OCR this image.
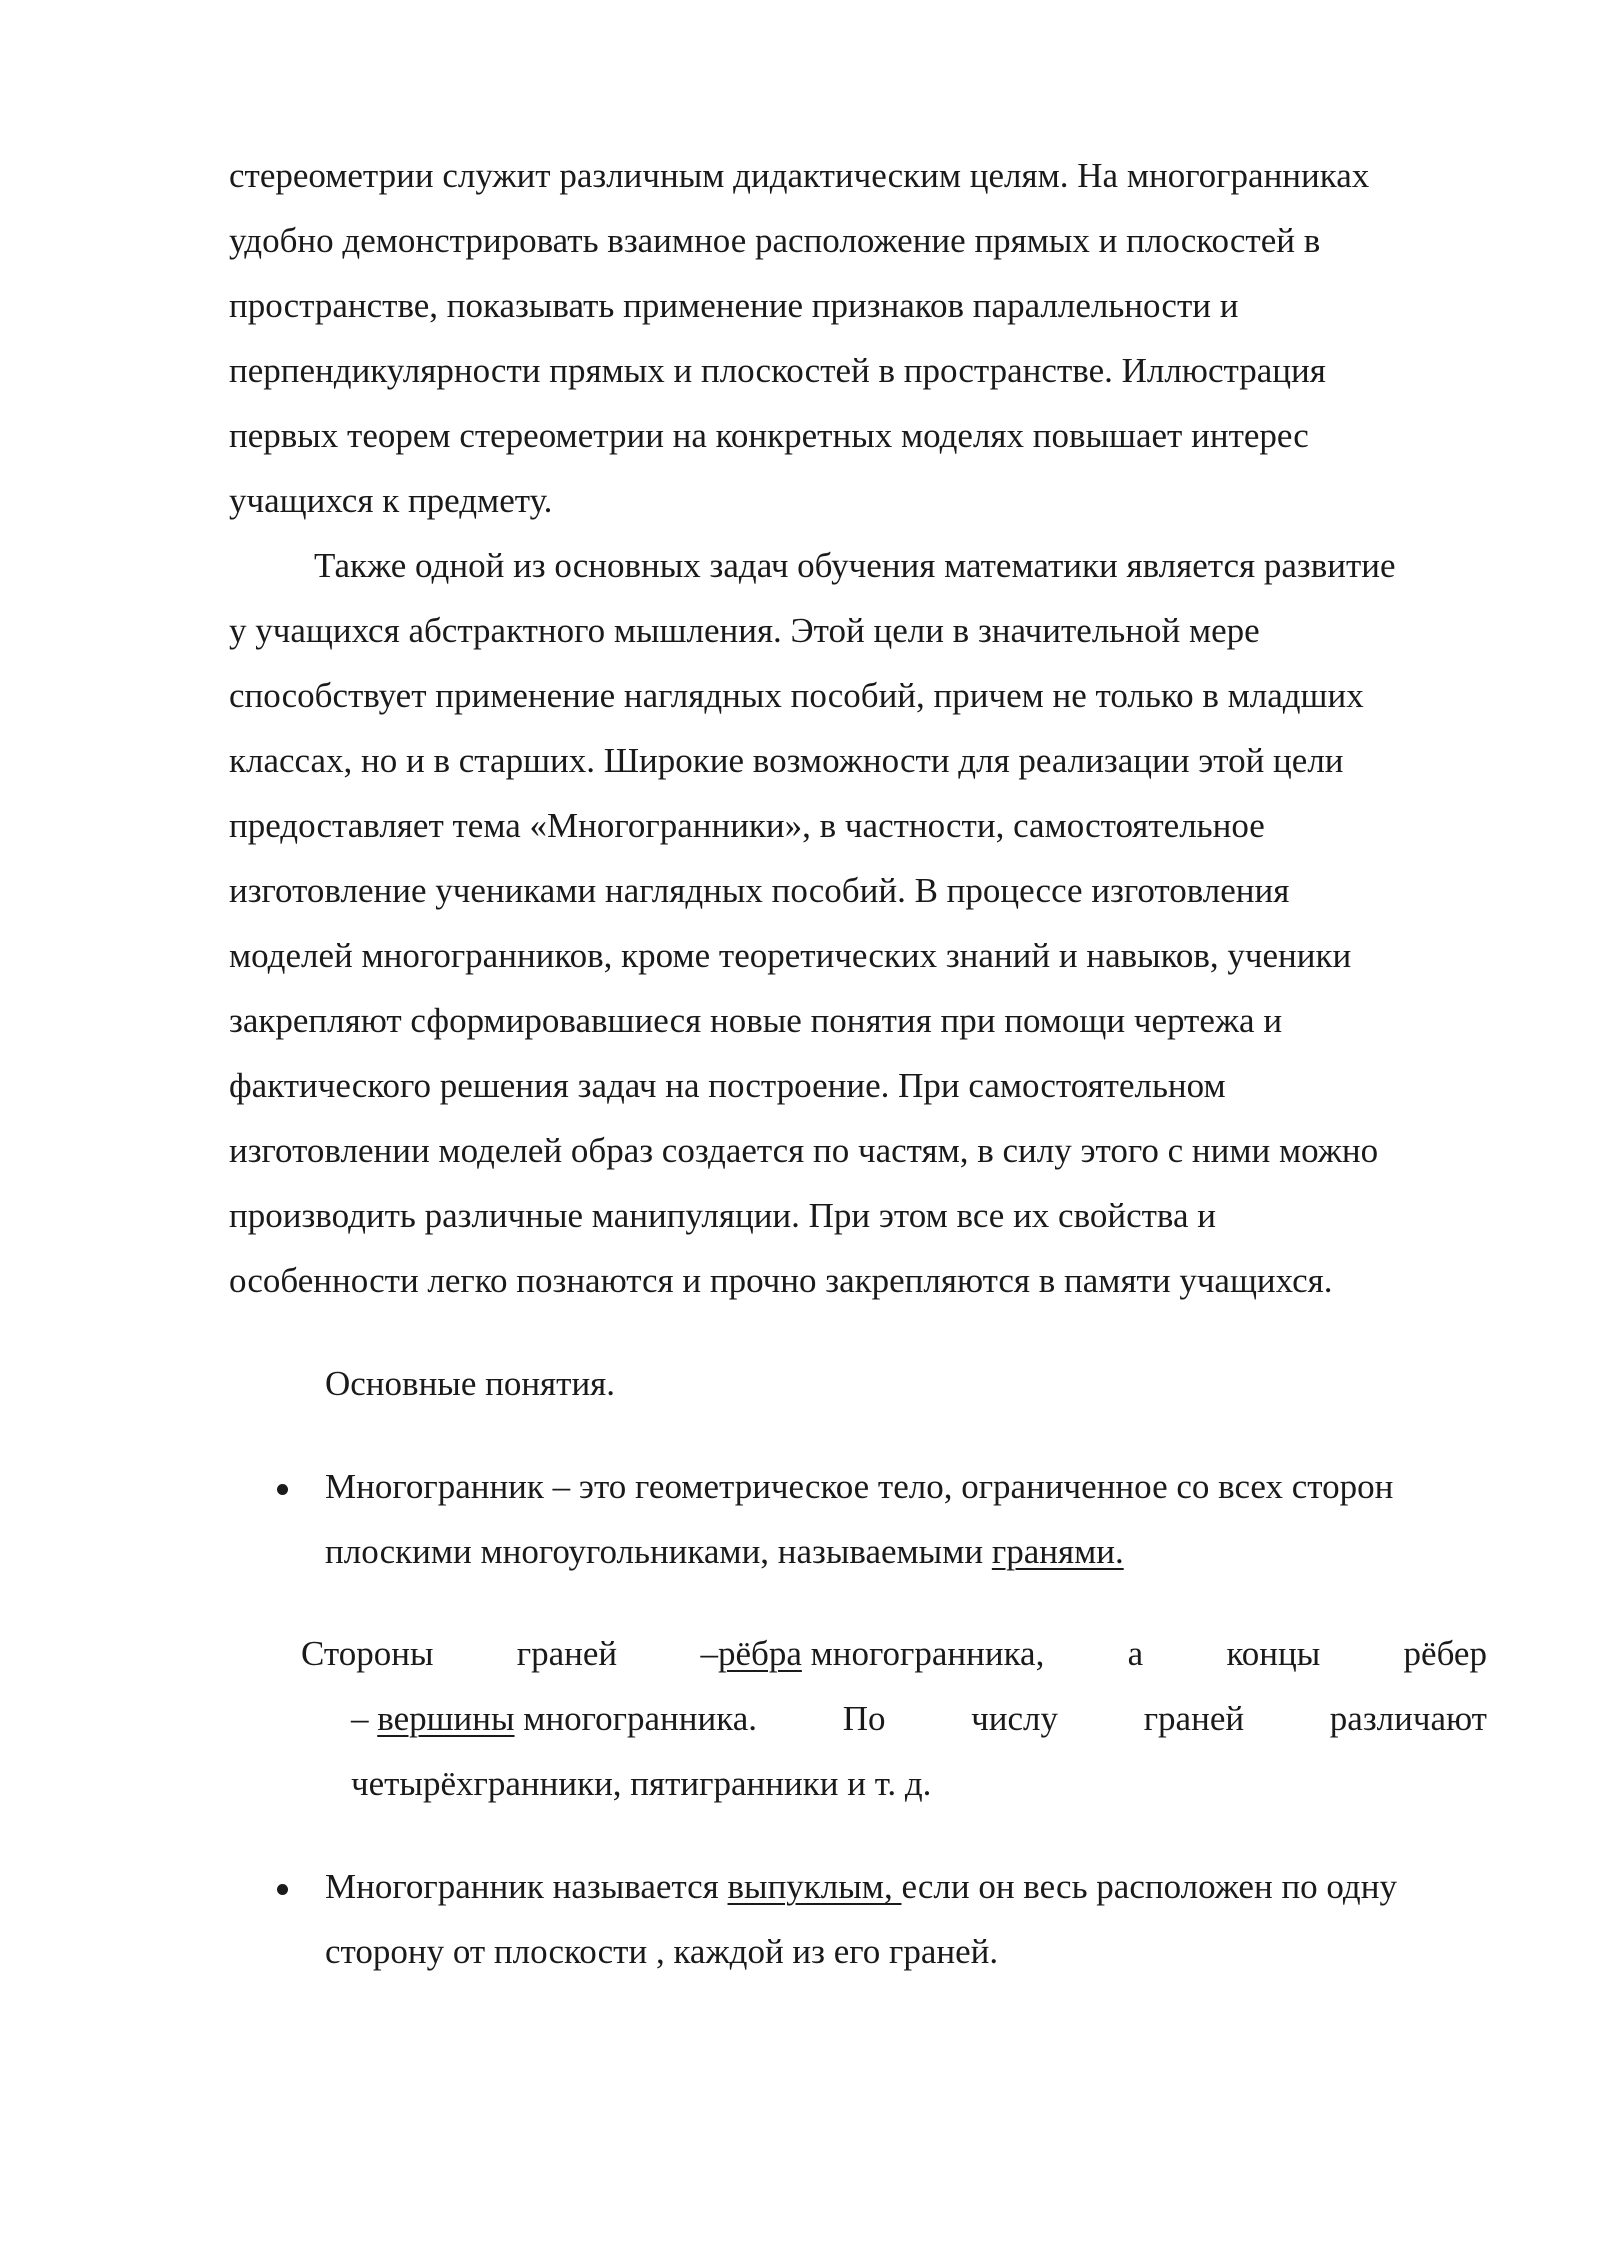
стереометрии служит различным дидактическим целям. На многогранниках
удобно демонстрировать взаимное расположение прямых и плоскостей в
пространстве, показывать применение признаков параллельности и
перпендикулярности прямых и плоскостей в пространстве. Иллюстрация
первых теорем стереометрии на конкретных моделях повышает интерес
учащихся к предмету.
Также одной из основных задач обучения математики является развитие
у учащихся абстрактного мышления. Этой цели в значительной мере
способствует применение наглядных пособий, причем не только в младших
классах, но и в старших. Широкие возможности для реализации этой цели
предоставляет тема «Многогранники», в частности, самостоятельное
изготовление учениками наглядных пособий. В процессе изготовления
моделей многогранников, кроме теоретических знаний и навыков, ученики
закрепляют сформировавшиеся новые понятия при помощи чертежа и
фактического решения задач на построение. При самостоятельном
изготовлении моделей образ создается по частям, в силу этого с ними можно
производить различные манипуляции. При этом все их свойства и
особенности легко познаются и прочно закрепляются в памяти учащихся.
Основные понятия.
Многогранник – это геометрическое тело, ограниченное со всех сторон
плоскими многоугольниками, называемыми гранями.
Стороны граней –рёбра многогранника, а концы рёбер
– вершины многогранника. По числу граней различают
четырёхгранники, пятигранники и т. д.
Многогранник называется выпуклым, если он весь расположен по одну
сторону от плоскости , каждой из его граней.
